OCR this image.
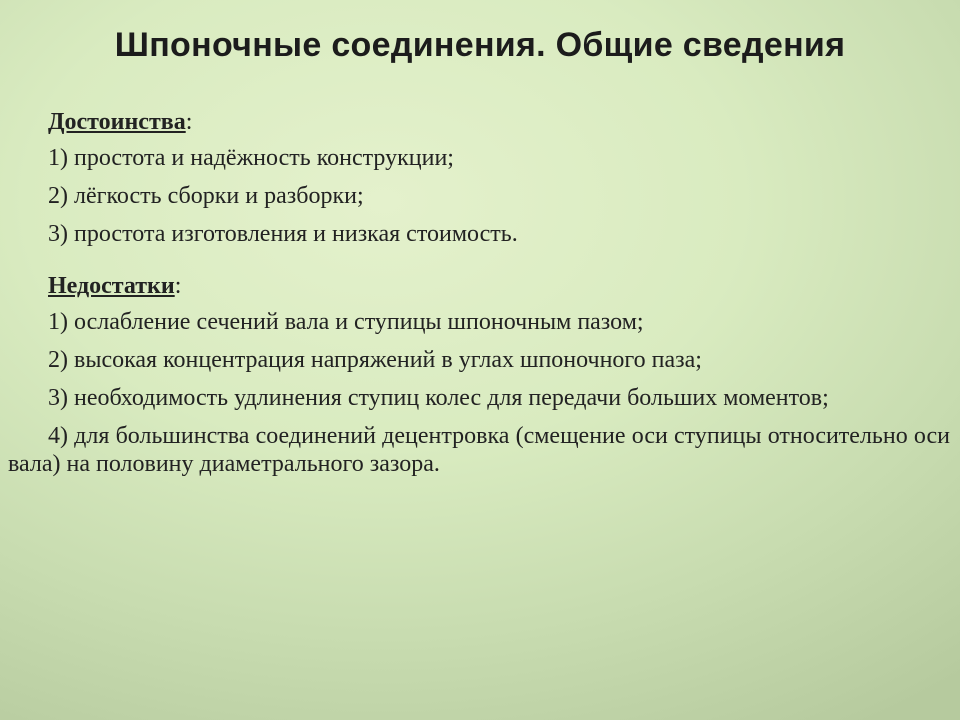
Шпоночные соединения. Общие сведения
Достоинства:
1) простота и надёжность конструкции;
2) лёгкость сборки и разборки;
3) простота изготовления и низкая стоимость.
Недостатки:
1) ослабление сечений вала и ступицы шпоночным пазом;
2) высокая концентрация напряжений в углах шпоночного паза;
3) необходимость удлинения ступиц колес для передачи больших моментов;
4) для большинства соединений децентровка (смещение оси ступицы относительно оси вала) на половину диаметрального зазора.
